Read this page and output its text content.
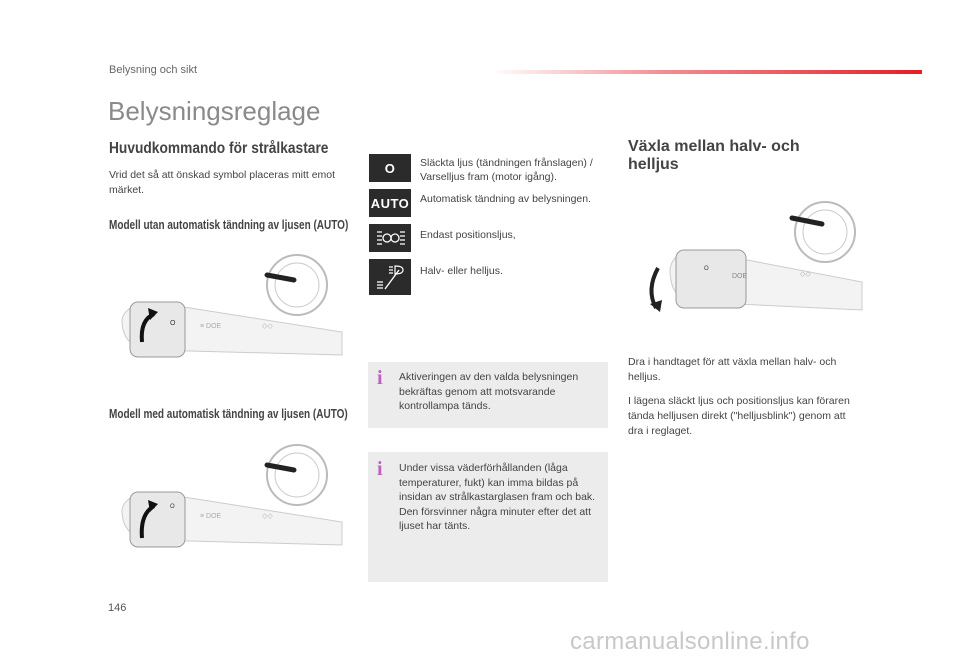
Belysning och sikt
Belysningsreglage
Huvudkommando för strålkastare
Vrid det så att önskad symbol placeras mitt emot märket.
Modell utan automatisk tändning av ljusen (AUTO)
O	≡ DOE	◇◇
Modell med automatisk tändning av ljusen (AUTO)
O
≡ DOE	◇◇
O Släckta ljus (tändningen frånslagen) / Varselljus fram (motor igång).
AUTO Automatisk tändning av belysningen.
Endast positionsljus,
Halv- eller helljus.
i Aktiveringen av den valda belysningen bekräftas genom att motsvarande kontrollampa tänds.
i Under vissa väderförhållanden (låga temperaturer, fukt) kan imma bildas på insidan av strålkastarglasen fram och bak. Den försvinner några minuter efter det att ljuset har tänts.
Växla mellan halv- och helljus
O
DOE	◇◇
Dra i handtaget för att växla mellan halv- och helljus.
I lägena släckt ljus och positionsljus kan föraren tända helljusen direkt ("helljusblink") genom att dra i reglaget.
146
carmanualsonline.info
